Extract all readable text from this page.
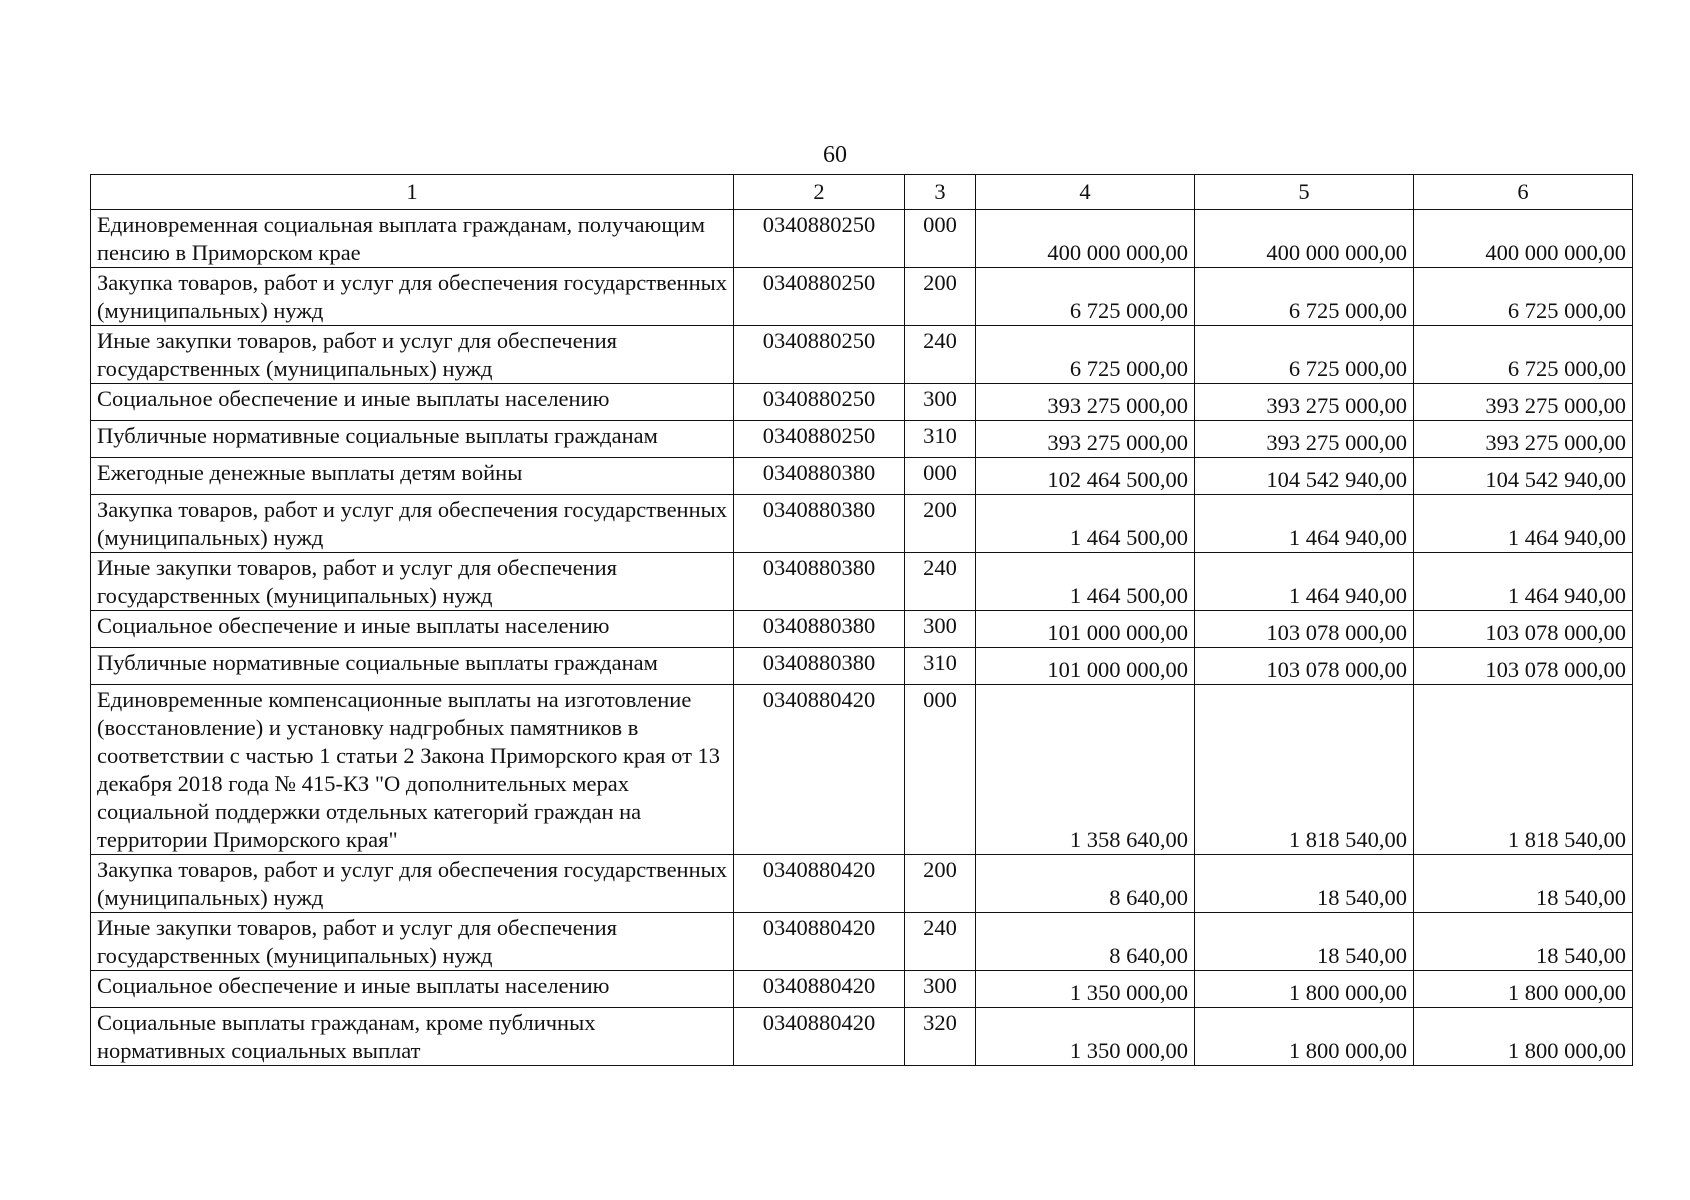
60
1	2	3	4	5	6
Единовременная социальная выплата гражданам, получающим пенсию в Приморском крае	0340880250	000	400 000 000,00	400 000 000,00	400 000 000,00
Закупка товаров, работ и услуг для обеспечения государственных (муниципальных) нужд	0340880250	200	6 725 000,00	6 725 000,00	6 725 000,00
Иные закупки товаров, работ и услуг для обеспечения государственных (муниципальных) нужд	0340880250	240	6 725 000,00	6 725 000,00	6 725 000,00
Социальное обеспечение и иные выплаты населению	0340880250	300	393 275 000,00	393 275 000,00	393 275 000,00
Публичные нормативные социальные выплаты гражданам	0340880250	310	393 275 000,00	393 275 000,00	393 275 000,00
Ежегодные денежные выплаты детям войны	0340880380	000	102 464 500,00	104 542 940,00	104 542 940,00
Закупка товаров, работ и услуг для обеспечения государственных (муниципальных) нужд	0340880380	200	1 464 500,00	1 464 940,00	1 464 940,00
Иные закупки товаров, работ и услуг для обеспечения государственных (муниципальных) нужд	0340880380	240	1 464 500,00	1 464 940,00	1 464 940,00
Социальное обеспечение и иные выплаты населению	0340880380	300	101 000 000,00	103 078 000,00	103 078 000,00
Публичные нормативные социальные выплаты гражданам	0340880380	310	101 000 000,00	103 078 000,00	103 078 000,00
Единовременные компенсационные выплаты на изготовление (восстановление) и установку надгробных памятников в соответствии с частью 1 статьи 2 Закона Приморского края от 13 декабря 2018 года № 415-КЗ "О дополнительных мерах социальной поддержки отдельных категорий граждан на территории Приморского края"	0340880420	000	1 358 640,00	1 818 540,00	1 818 540,00
Закупка товаров, работ и услуг для обеспечения государственных (муниципальных) нужд	0340880420	200	8 640,00	18 540,00	18 540,00
Иные закупки товаров, работ и услуг для обеспечения государственных (муниципальных) нужд	0340880420	240	8 640,00	18 540,00	18 540,00
Социальное обеспечение и иные выплаты населению	0340880420	300	1 350 000,00	1 800 000,00	1 800 000,00
Социальные выплаты гражданам, кроме публичных нормативных социальных выплат	0340880420	320	1 350 000,00	1 800 000,00	1 800 000,00
